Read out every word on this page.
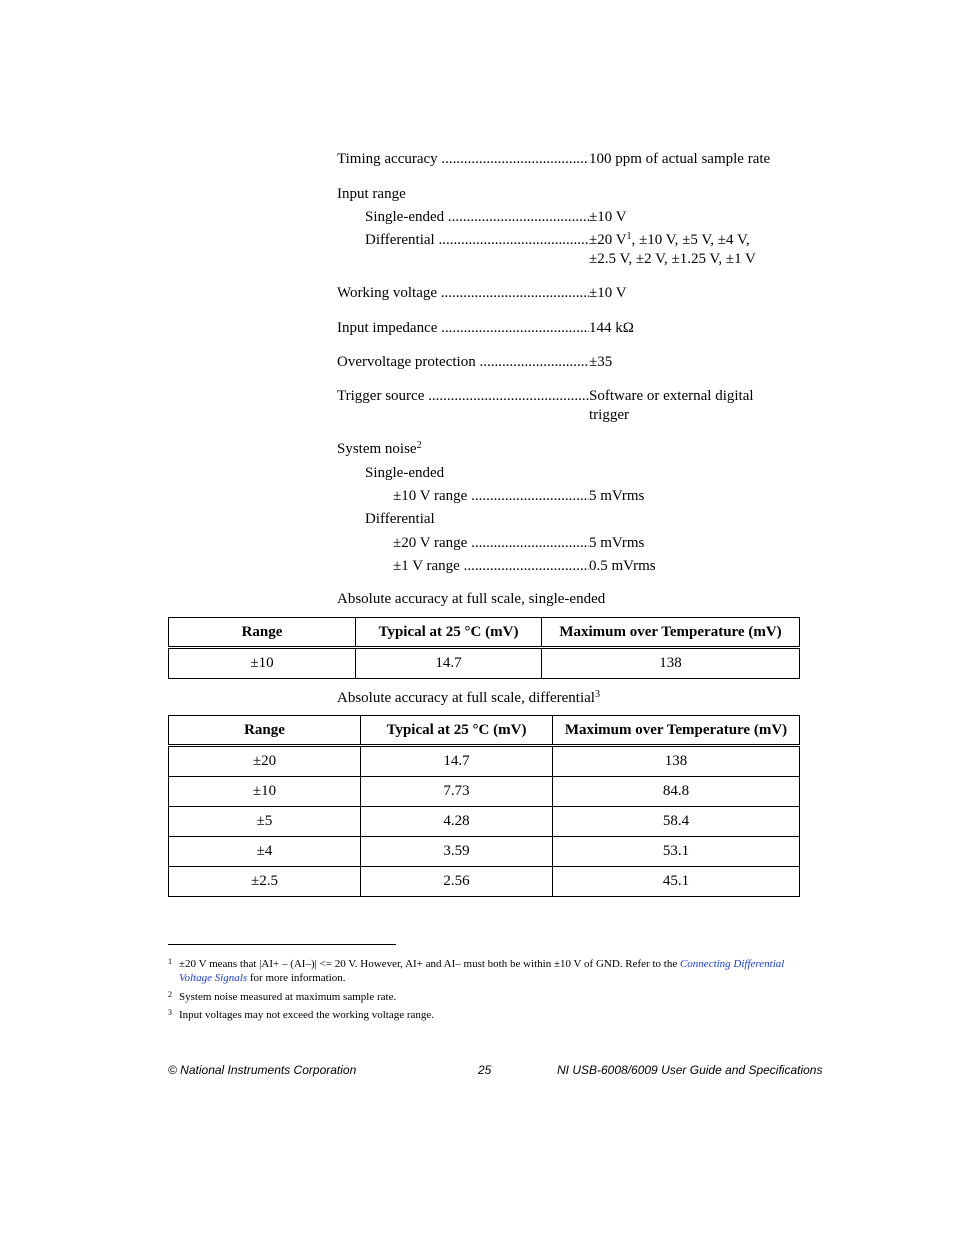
Timing accuracy .....	100 ppm of actual sample rate
Input range
Single-ended .....	±10 V
Differential .....	±20 $V^1$, ±10 V, ±5 V, ±4 V,
±2.5 V, ±2 V, ±1.25 V, ±1 V
Working voltage .....	±10 V
Input impedance .....	144 kΩ
Overvoltage protection .....	±35
Trigger source .....	Software or external digital trigger
System noise$^2$
Single-ended
±10 V range .....	5 mVrms
Differential
±20 V range .....	5 mVrms
±1 V range .....	0.5 mVrms
Absolute accuracy at full scale, single-ended
Range	Typical at 25 °C (mV)	Maximum over Temperature (mV)
±10	14.7	138
Absolute accuracy at full scale, differential$^3$
Range	Typical at 25 °C (mV)	Maximum over Temperature (mV)
±20	14.7	138
±10	7.73	84.8
±5	4.28	58.4
±4	3.59	53.1
±2.5	2.56	45.1
1 ±20 V means that |AI+ – (AI–)| <= 20 V. However, AI+ and AI– must both be within ±10 V of GND. Refer to the Connecting Differential Voltage Signals for more information.
2 System noise measured at maximum sample rate.
3 Input voltages may not exceed the working voltage range.
© National Instruments Corporation	25	NI USB-6008/6009 User Guide and Specifications
